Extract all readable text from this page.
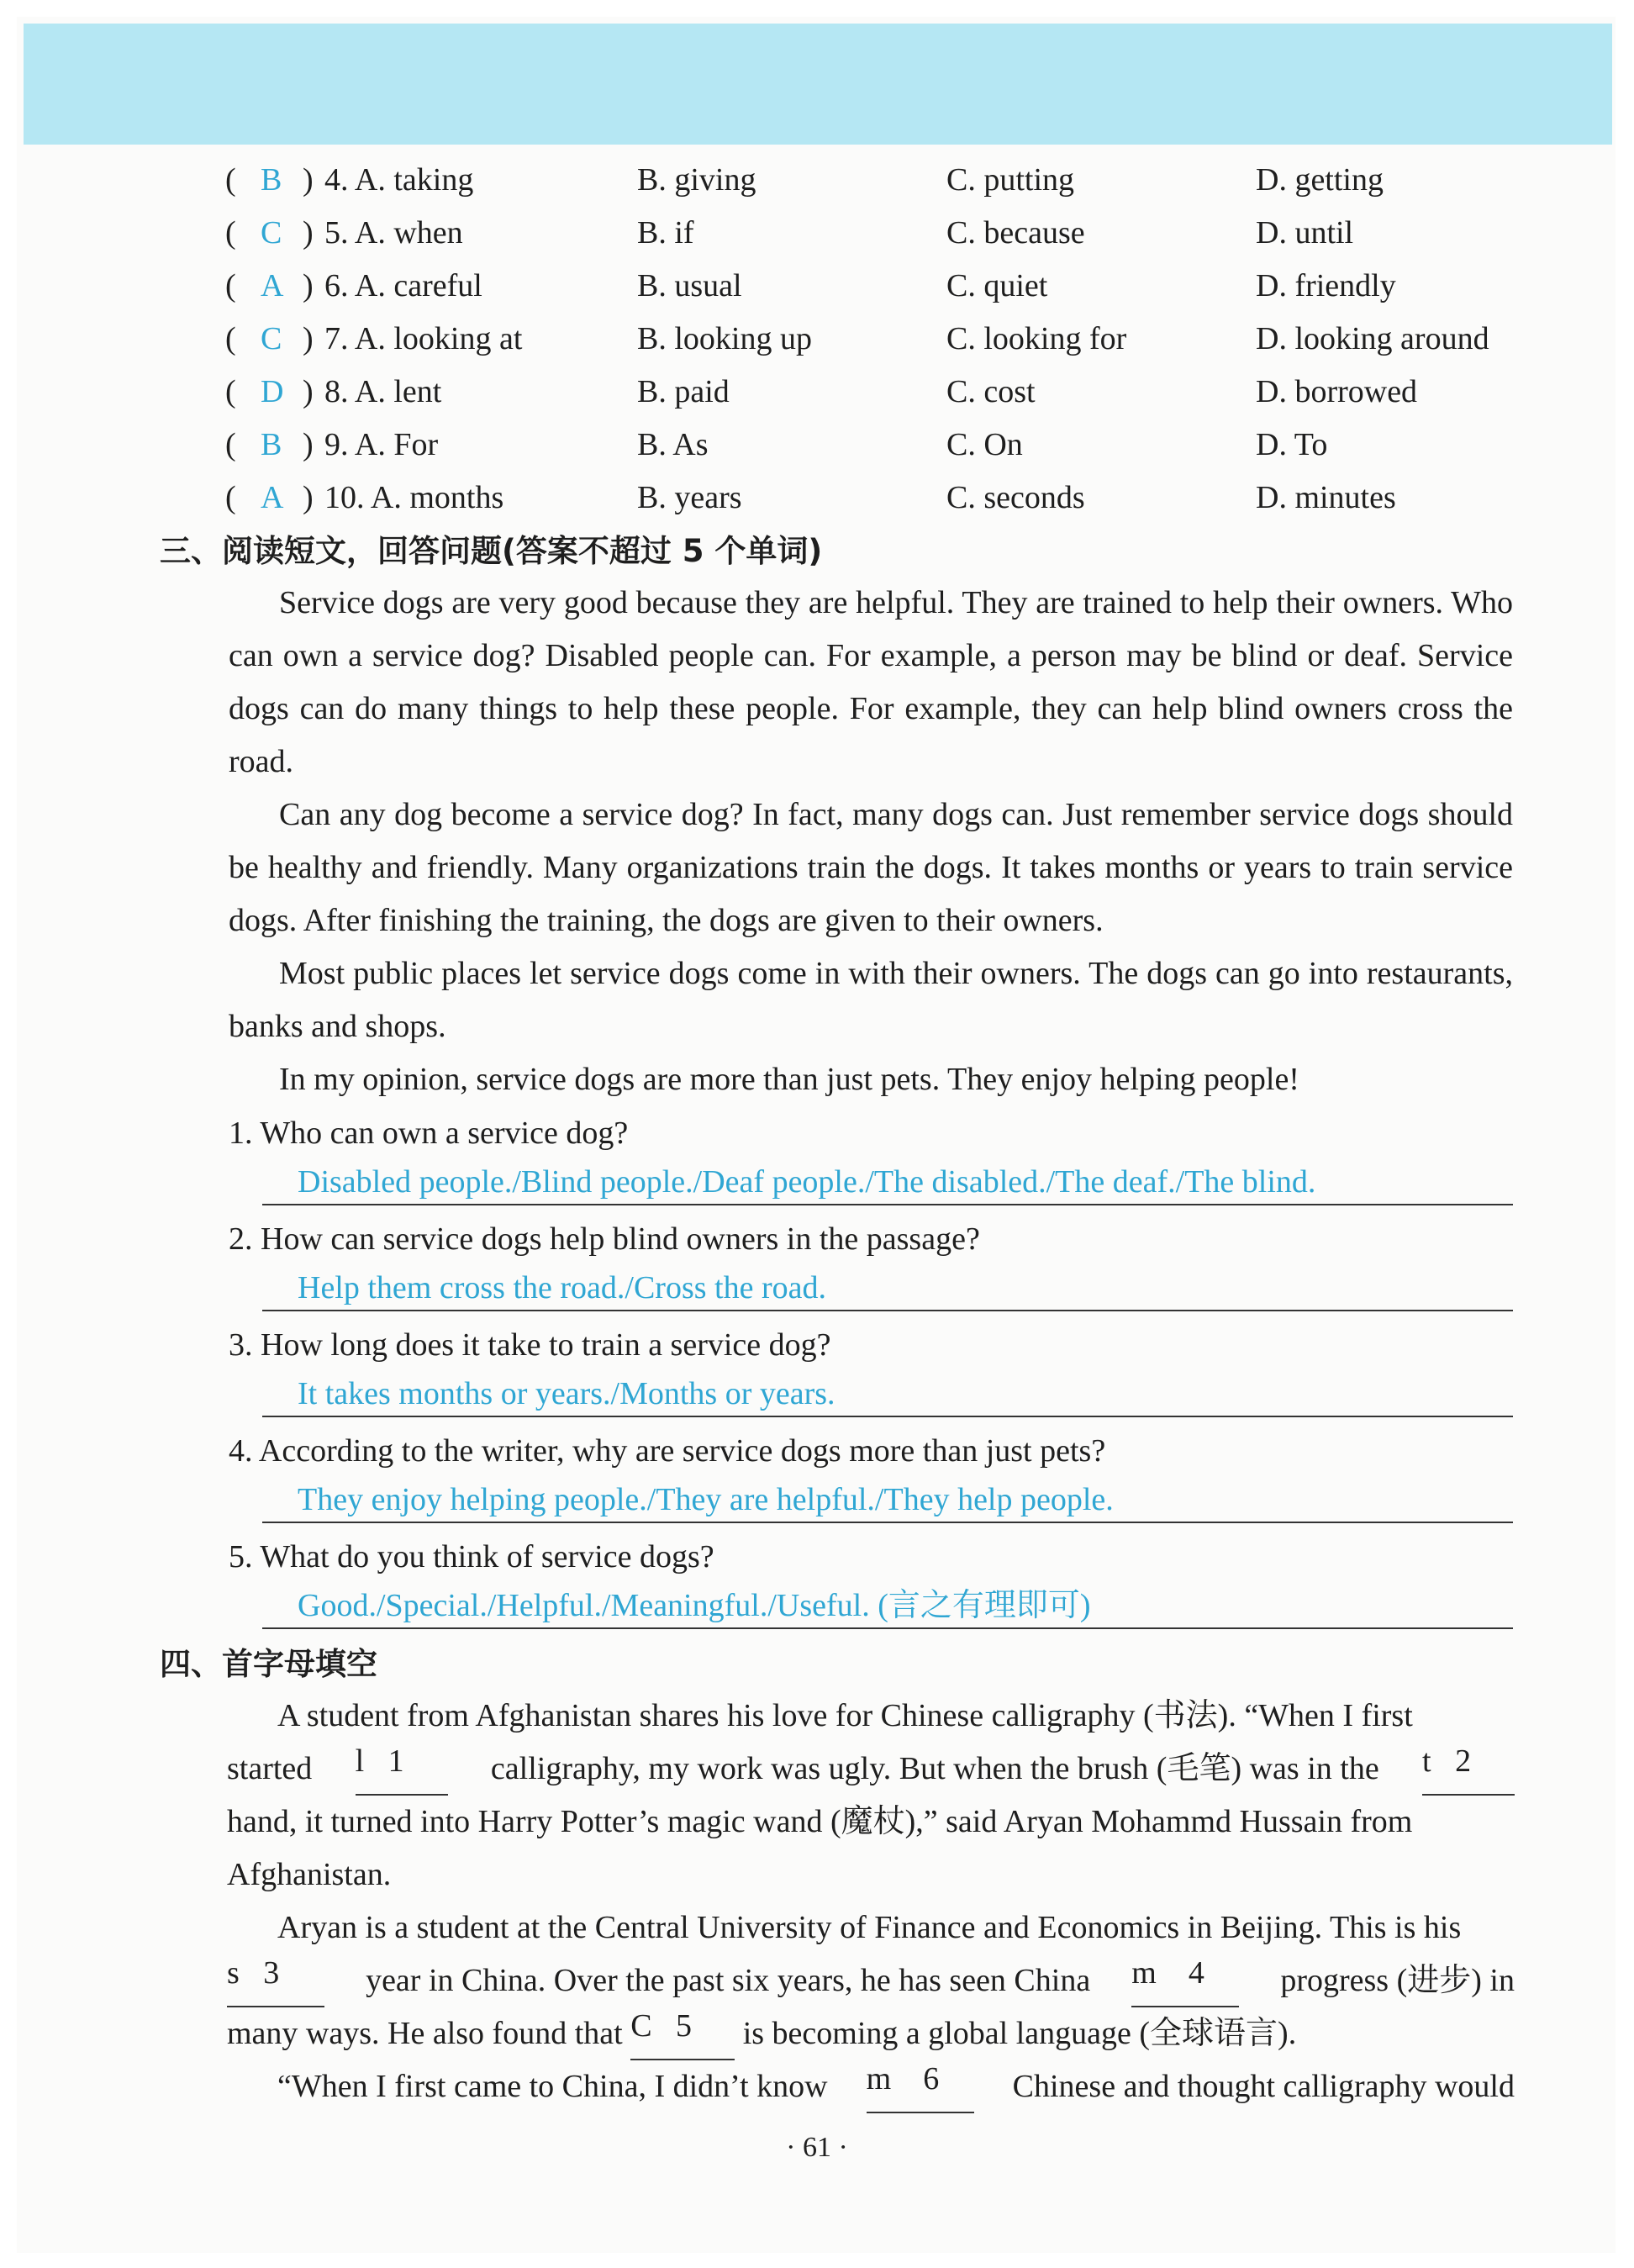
( B ) 4. A. taking	B. giving	C. putting	D. getting
( C ) 5. A. when	B. if	C. because	D. until
( A ) 6. A. careful	B. usual	C. quiet	D. friendly
( C ) 7. A. looking at	B. looking up	C. looking for	D. looking around
( D ) 8. A. lent	B. paid	C. cost	D. borrowed
( B ) 9. A. For	B. As	C. On	D. To
( A ) 10. A. months	B. years	C. seconds	D. minutes
三、阅读短文，回答问题(答案不超过 5 个单词)

Service dogs are very good because they are helpful. They are trained to help their owners. Who can own a service dog? Disabled people can. For example, a person may be blind or deaf. Service dogs can do many things to help these people. For example, they can help blind owners cross the road.

Can any dog become a service dog? In fact, many dogs can. Just remember service dogs should be healthy and friendly. Many organizations train the dogs. It takes months or years to train service dogs. After finishing the training, the dogs are given to their owners.

Most public places let service dogs come in with their owners. The dogs can go into restaurants, banks and shops.

In my opinion, service dogs are more than just pets. They enjoy helping people!

1. Who can own a service dog?
Disabled people./Blind people./Deaf people./The disabled./The deaf./The blind.
2. How can service dogs help blind owners in the passage?
Help them cross the road./Cross the road.
3. How long does it take to train a service dog?
It takes months or years./Months or years.
4. According to the writer, why are service dogs more than just pets?
They enjoy helping people./They are helpful./They help people.
5. What do you think of service dogs?
Good./Special./Helpful./Meaningful./Useful. (言之有理即可)
四、首字母填空
A student from Afghanistan shares his love for Chinese calligraphy (书法). “When I first
started l 1	calligraphy, my work was ugly. But when the brush (毛笔) was in the t 2
hand, it turned into Harry Potter’s magic wand (魔杖),” said Aryan Mohammd Hussain from
Afghanistan.
Aryan is a student at the Central University of Finance and Economics in Beijing. This is his
s 3	year in China. Over the past six years, he has seen China m 4	progress (进步) in
many ways. He also found that
C 5
	is becoming a global language (全球语言).
“When I first came to China, I didn’t know m 6	Chinese and thought calligraphy would
· 61 ·
